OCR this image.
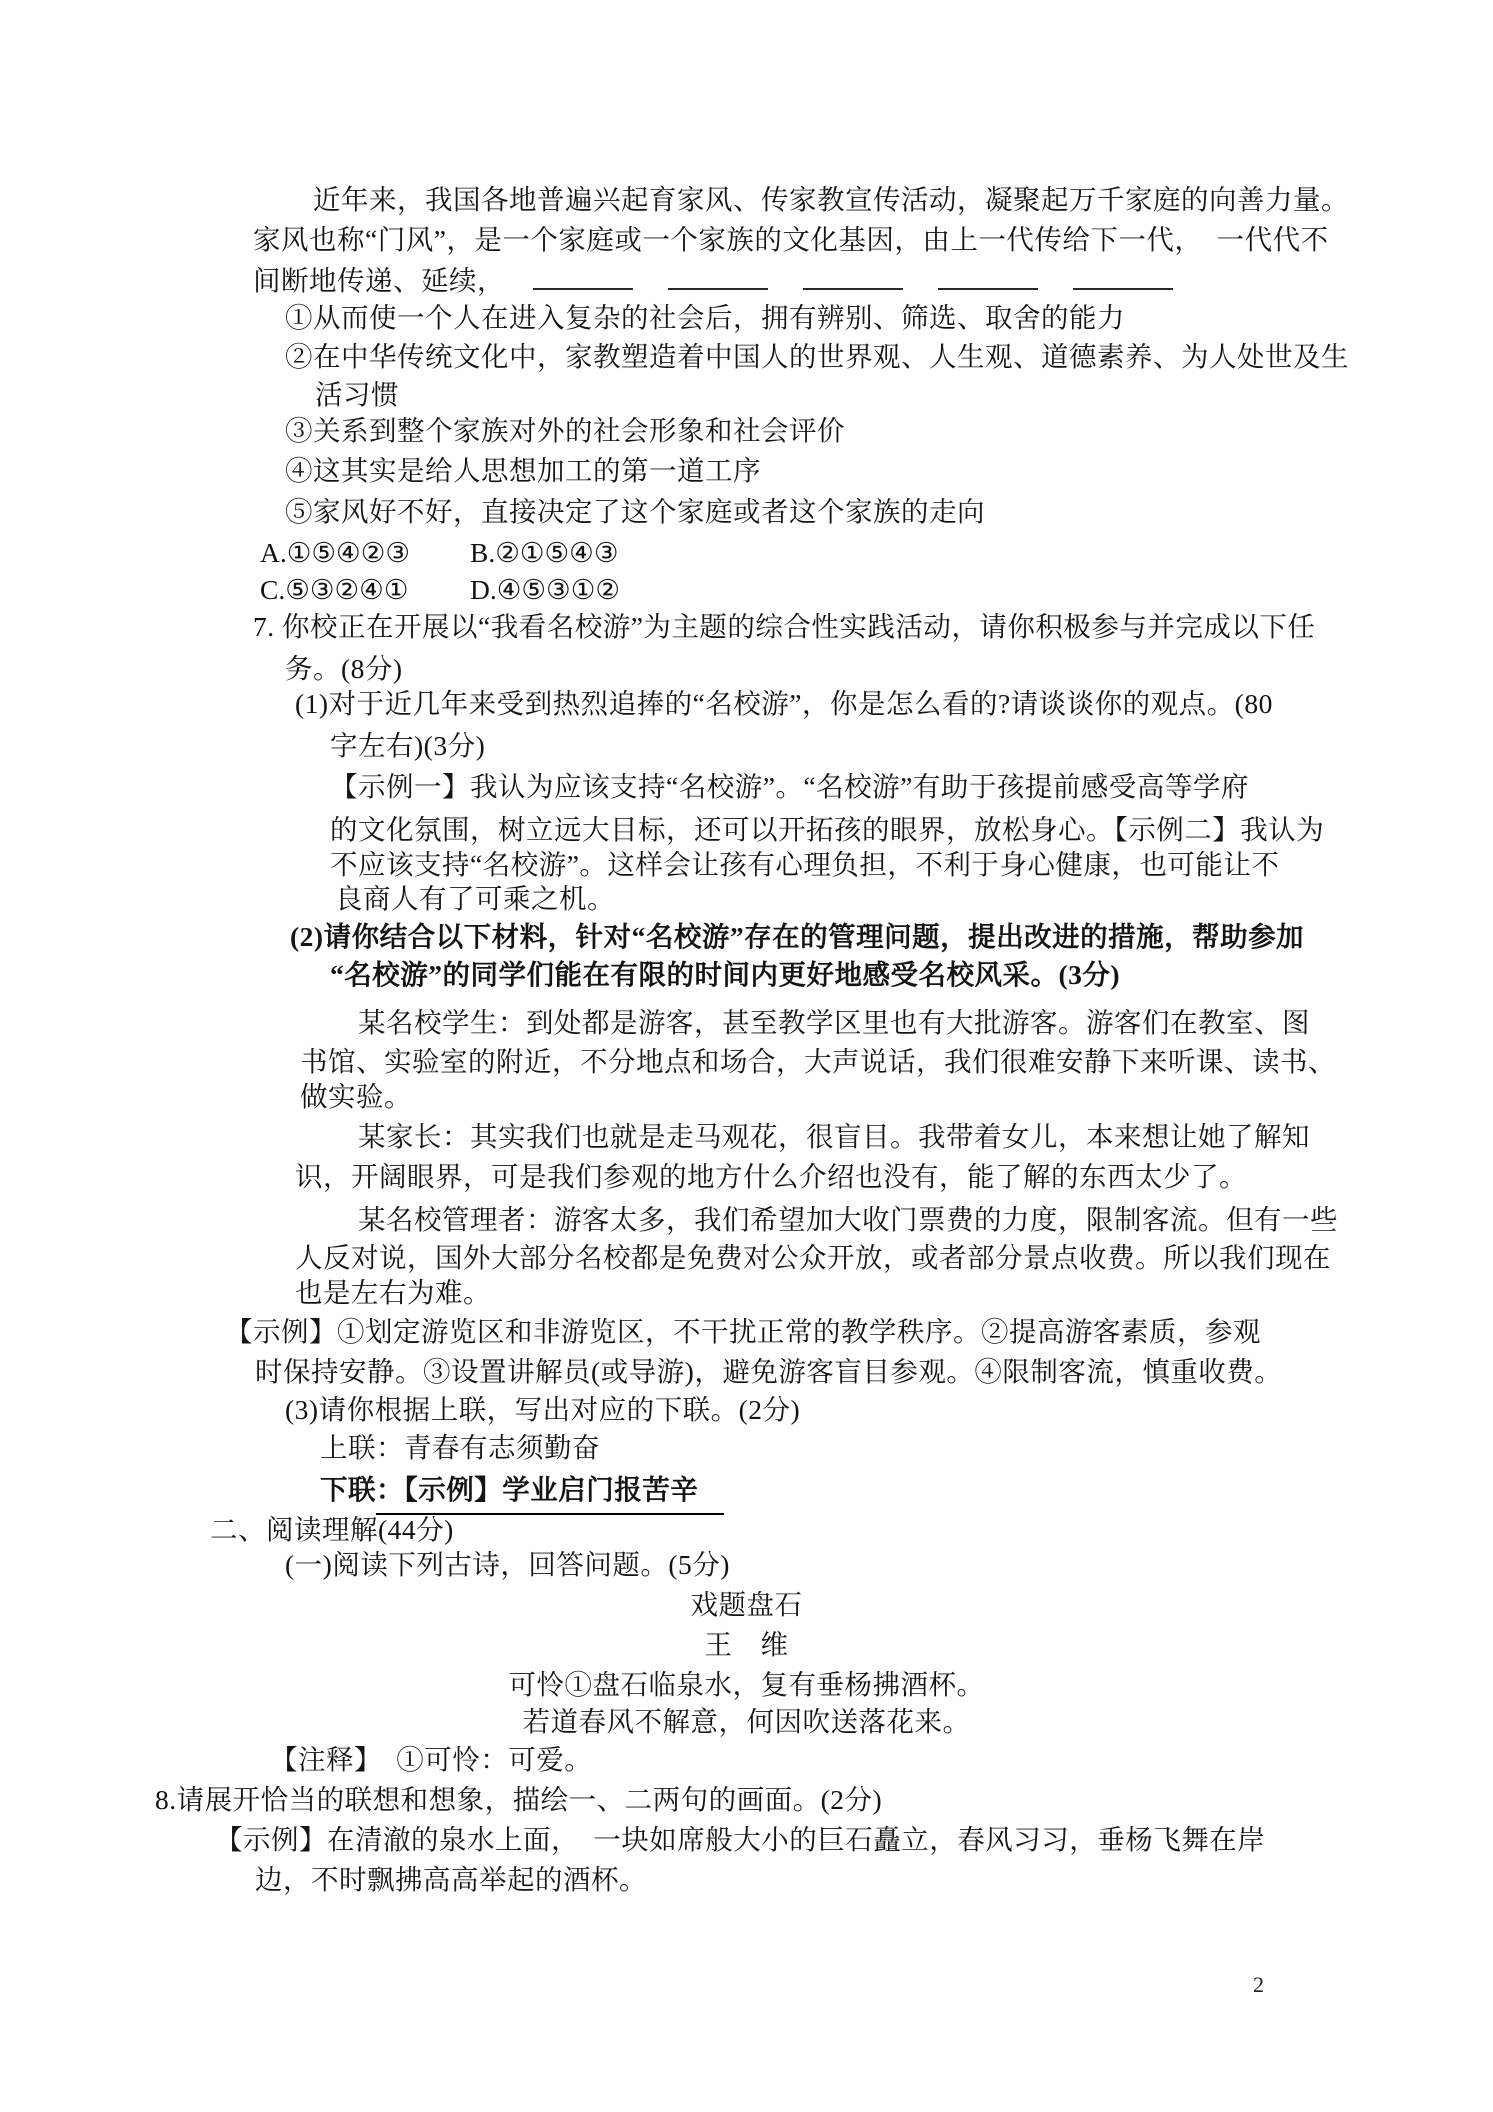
近年来，我国各地普遍兴起育家风、传家教宣传活动，凝聚起万千家庭的向善力量。
家风也称“门风”，是一个家庭或一个家族的文化基因，由上一代传给下一代，　一代代不
间断地传递、延续，
①从而使一个人在进入复杂的社会后，拥有辨别、筛选、取舍的能力
②在中华传统文化中，家教塑造着中国人的世界观、人生观、道德素养、为人处世及生
活习惯
③关系到整个家族对外的社会形象和社会评价
④这其实是给人思想加工的第一道工序
⑤家风好不好，直接决定了这个家庭或者这个家族的走向
A.①⑤④②③ B.②①⑤④③
C.⑤③②④① D.④⑤③①②
7. 你校正在开展以“我看名校游”为主题的综合性实践活动，请你积极参与并完成以下任
务。(8分)
(1)对于近几年来受到热烈追捧的“名校游”，你是怎么看的?请谈谈你的观点。(80
字左右)(3分)
【示例一】我认为应该支持“名校游”。“名校游”有助于孩提前感受高等学府
的文化氛围，树立远大目标，还可以开拓孩的眼界，放松身心。【示例二】我认为
不应该支持“名校游”。这样会让孩有心理负担，不利于身心健康，也可能让不
良商人有了可乘之机。
(2)请你结合以下材料，针对“名校游”存在的管理问题，提出改进的措施，帮助参加
“名校游”的同学们能在有限的时间内更好地感受名校风采。(3分)
某名校学生：到处都是游客，甚至教学区里也有大批游客。游客们在教室、图
书馆、实验室的附近，不分地点和场合，大声说话，我们很难安静下来听课、读书、
做实验。
某家长：其实我们也就是走马观花，很盲目。我带着女儿，本来想让她了解知
识，开阔眼界，可是我们参观的地方什么介绍也没有，能了解的东西太少了。
某名校管理者：游客太多，我们希望加大收门票费的力度，限制客流。但有一些
人反对说，国外大部分名校都是免费对公众开放，或者部分景点收费。所以我们现在
也是左右为难。
【示例】①划定游览区和非游览区，不干扰正常的教学秩序。②提高游客素质，参观
时保持安静。③设置讲解员(或导游)，避免游客盲目参观。④限制客流，慎重收费。
(3)请你根据上联，写出对应的下联。(2分)
上联：青春有志须勤奋
下联：【示例】学业启门报苦辛
二、阅读理解(44分)
(一)阅读下列古诗，回答问题。(5分)
戏题盘石
王　维
可怜①盘石临泉水，复有垂杨拂酒杯。
若道春风不解意，何因吹送落花来。
【注释】　①可怜：可爱。
8.请展开恰当的联想和想象，描绘一、二两句的画面。(2分)
【示例】在清澈的泉水上面，　一块如席般大小的巨石矗立，春风习习，垂杨飞舞在岸
边，不时飘拂高高举起的酒杯。
2
